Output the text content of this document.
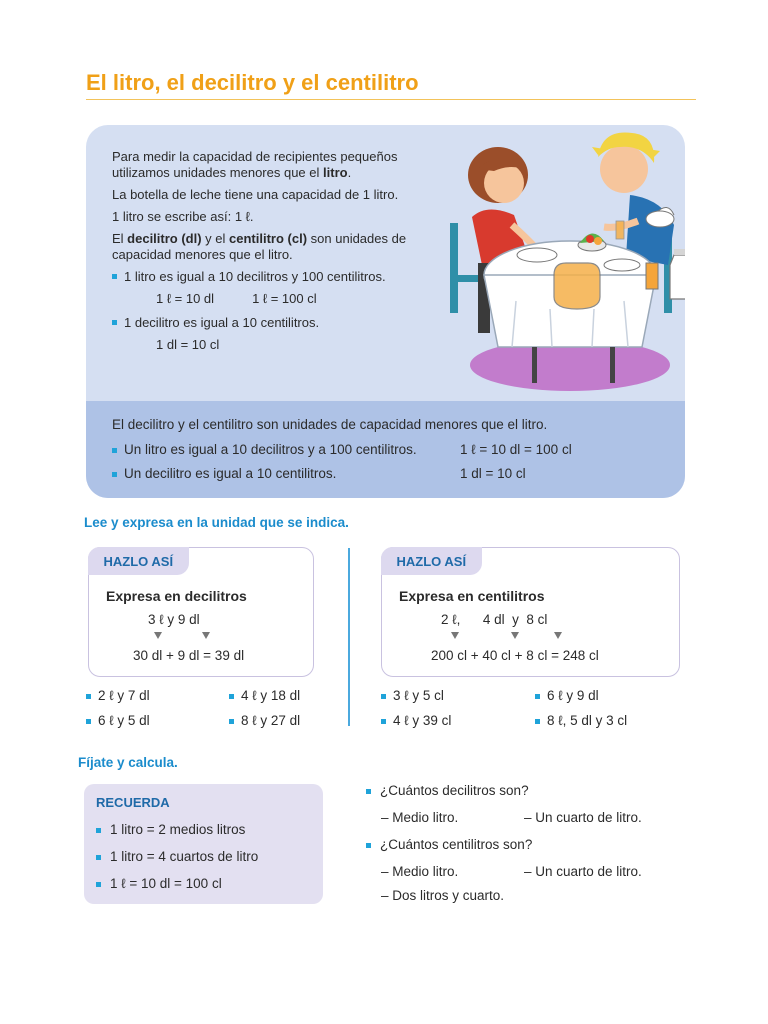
El litro, el decilitro y el centilitro

Para medir la capacidad de recipientes pequeños utilizamos unidades menores que el litro.

La botella de leche tiene una capacidad de 1 litro.

1 litro se escribe así: 1 ℓ.

El decilitro (dl) y el centilitro (cl) son unidades de capacidad menores que el litro.

1 litro es igual a 10 decilitros y 100 centilitros.
1 ℓ = 10 dl	1 ℓ = 100 cl
1 decilitro es igual a 10 centilitros.
1 dl = 10 cl
El decilitro y el centilitro son unidades de capacidad menores que el litro.
Un litro es igual a 10 decilitros y a 100 centilitros.	1 ℓ = 10 dl = 100 cl
Un decilitro es igual a 10 centilitros.	1 dl = 10 cl
Lee y expresa en la unidad que se indica.
HAZLO ASÍ
Expresa en decilitros
3 ℓ y 9 dl
30 dl + 9 dl = 39 dl
HAZLO ASÍ
Expresa en centilitros
2 ℓ,      4 dl  y  8 cl
200 cl + 40 cl + 8 cl = 248 cl
2 ℓ y 7 dl	4 ℓ y 18 dl
6 ℓ y 5 dl	8 ℓ y 27 dl
3 ℓ y 5 cl	6 ℓ y 9 dl
4 ℓ y 39 cl	8 ℓ, 5 dl y 3 cl
Fíjate y calcula.
RECUERDA
1 litro = 2 medios litros
1 litro = 4 cuartos de litro
1 ℓ = 10 dl = 100 cl
¿Cuántos decilitros son?
– Medio litro.	– Un cuarto de litro.
¿Cuántos centilitros son?
– Medio litro.	– Un cuarto de litro.
– Dos litros y cuarto.
